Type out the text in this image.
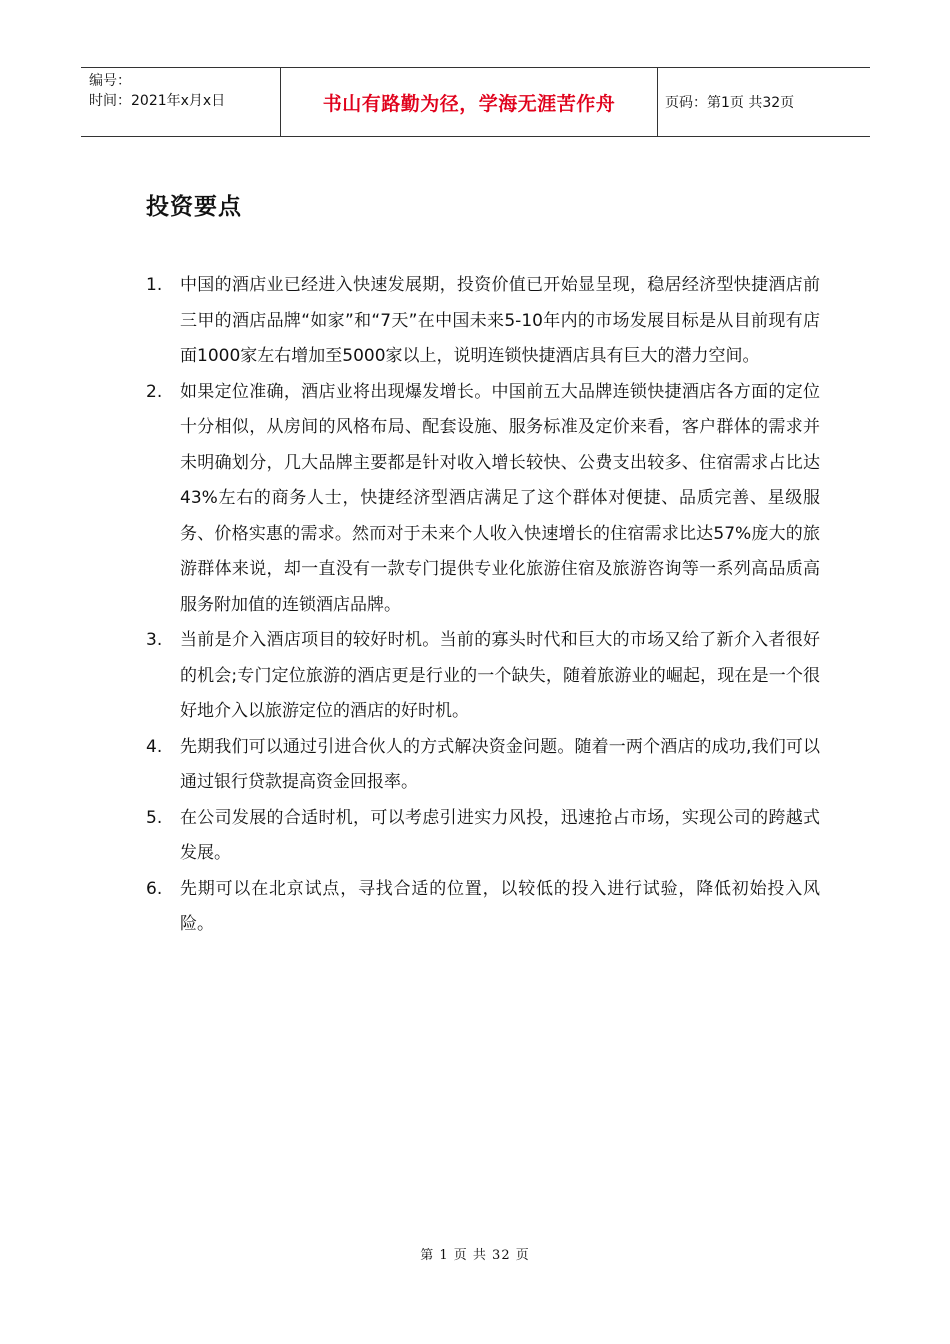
编号：
时间：2021年x月x日	书山有路勤为径，学海无涯苦作舟	页码：第1页 共32页
投资要点
1.	中国的酒店业已经进入快速发展期，投资价值已开始显呈现，稳居经济型快捷酒店前三甲的酒店品牌“如家”和“7天”在中国未来5-10年内的市场发展目标是从目前现有店面1000家左右增加至5000家以上，说明连锁快捷酒店具有巨大的潜力空间。
2.	如果定位准确，酒店业将出现爆发增长。中国前五大品牌连锁快捷酒店各方面的定位十分相似，从房间的风格布局、配套设施、服务标准及定价来看，客户群体的需求并未明确划分，几大品牌主要都是针对收入增长较快、公费支出较多、住宿需求占比达43%左右的商务人士，快捷经济型酒店满足了这个群体对便捷、品质完善、星级服务、价格实惠的需求。然而对于未来个人收入快速增长的住宿需求比达57%庞大的旅游群体来说，却一直没有一款专门提供专业化旅游住宿及旅游咨询等一系列高品质高服务附加值的连锁酒店品牌。
3.	当前是介入酒店项目的较好时机。当前的寡头时代和巨大的市场又给了新介入者很好的机会;专门定位旅游的酒店更是行业的一个缺失，随着旅游业的崛起，现在是一个很好地介入以旅游定位的酒店的好时机。
4.	先期我们可以通过引进合伙人的方式解决资金问题。随着一两个酒店的成功,我们可以通过银行贷款提高资金回报率。
5.	在公司发展的合适时机，可以考虑引进实力风投，迅速抢占市场，实现公司的跨越式发展。
6.	先期可以在北京试点，寻找合适的位置，以较低的投入进行试验，降低初始投入风险。
第 1 页 共 32 页
